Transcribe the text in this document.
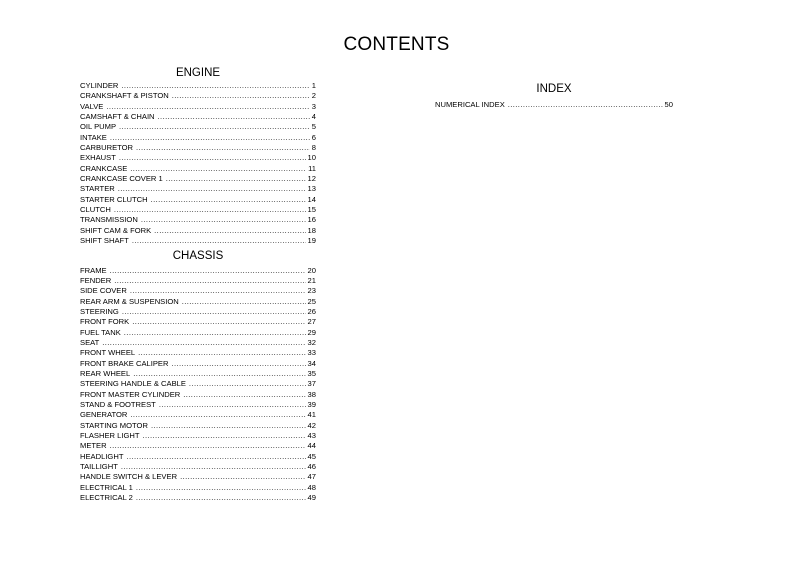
CONTENTS
ENGINE
CYLINDER .....	1
CRANKSHAFT & PISTON .....	2
VALVE .....	3
CAMSHAFT & CHAIN .....	4
OIL PUMP .....	5
INTAKE .....	6
CARBURETOR .....	8
EXHAUST .....	10
CRANKCASE .....	11
CRANKCASE COVER 1 .....	12
STARTER .....	13
STARTER CLUTCH .....	14
CLUTCH .....	15
TRANSMISSION .....	16
SHIFT CAM & FORK .....	18
SHIFT SHAFT .....	19
CHASSIS
FRAME .....	20
FENDER .....	21
SIDE COVER .....	23
REAR ARM & SUSPENSION .....	25
STEERING .....	26
FRONT FORK .....	27
FUEL TANK .....	29
SEAT .....	32
FRONT WHEEL .....	33
FRONT BRAKE CALIPER .....	34
REAR WHEEL .....	35
STEERING HANDLE & CABLE .....	37
FRONT MASTER CYLINDER .....	38
STAND & FOOTREST .....	39
GENERATOR .....	41
STARTING MOTOR .....	42
FLASHER LIGHT .....	43
METER .....	44
HEADLIGHT .....	45
TAILLIGHT .....	46
HANDLE SWITCH & LEVER .....	47
ELECTRICAL 1 .....	48
ELECTRICAL 2 .....	49
INDEX
NUMERICAL INDEX .....	50
